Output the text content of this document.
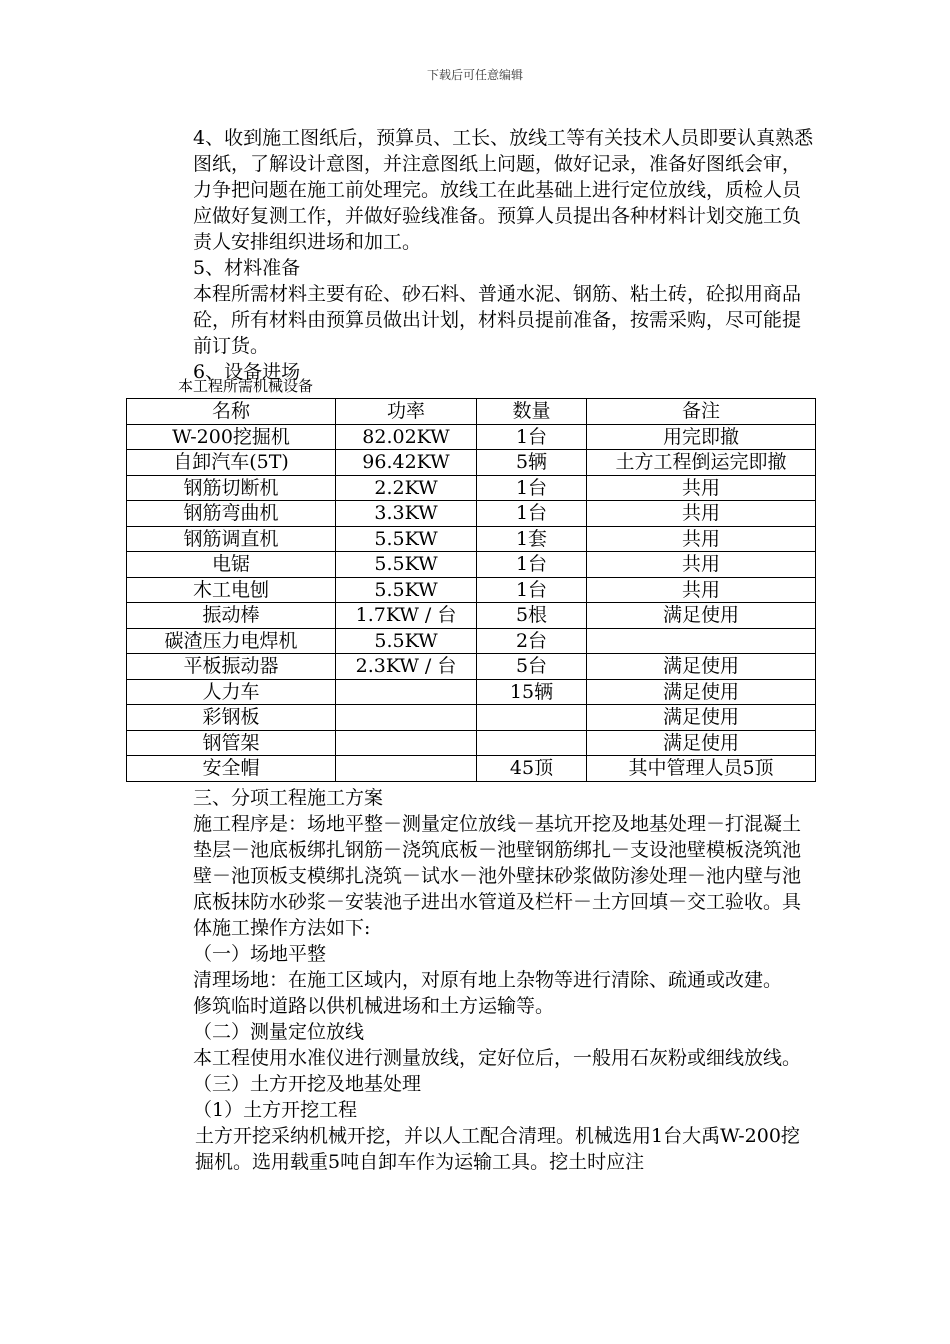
下载后可任意编辑

4、收到施工图纸后，预算员、工长、放线工等有关技术人员即要认真熟悉图纸，了解设计意图，并注意图纸上问题，做好记录，准备好图纸会审，力争把问题在施工前处理完。放线工在此基础上进行定位放线，质检人员应做好复测工作，并做好验线准备。预算人员提出各种材料计划交施工负责人安排组织进场和加工。

5、材料准备

本程所需材料主要有砼、砂石料、普通水泥、钢筋、粘土砖，砼拟用商品砼，所有材料由预算员做出计划，材料员提前准备，按需采购，尽可能提前订货。

6、设备进场

本工程所需机械设备
名称	功率	数量	备注
W-200挖掘机	82.02KW	1台	用完即撤
自卸汽车(5T)	96.42KW	5辆	土方工程倒运完即撤
钢筋切断机	2.2KW	1台	共用
钢筋弯曲机	3.3KW	1台	共用
钢筋调直机	5.5KW	1套	共用
电锯	5.5KW	1台	共用
木工电刨	5.5KW	1台	共用
振动棒	1.7KW / 台	5根	满足使用
碳渣压力电焊机	5.5KW	2台	
平板振动器	2.3KW / 台	5台	满足使用
人力车		15辆	满足使用
彩钢板			满足使用
钢管架			满足使用
安全帽		45顶	其中管理人员5顶

三、分项工程施工方案

施工程序是：场地平整－测量定位放线－基坑开挖及地基处理－打混凝土垫层－池底板绑扎钢筋－浇筑底板－池壁钢筋绑扎－支设池壁模板浇筑池壁－池顶板支模绑扎浇筑－试水－池外壁抹砂浆做防渗处理－池内壁与池底板抹防水砂浆－安装池子进出水管道及栏杆－土方回填－交工验收。具体施工操作方法如下:

（一）场地平整

清理场地：在施工区域内，对原有地上杂物等进行清除、疏通或改建。

修筑临时道路以供机械进场和土方运输等。

（二）测量定位放线

本工程使用水准仪进行测量放线，定好位后，一般用石灰粉或细线放线。

（三）土方开挖及地基处理

（1）土方开挖工程

土方开挖采纳机械开挖，并以人工配合清理。机械选用1台大禹W-200挖掘机。选用载重5吨自卸车作为运输工具。挖土时应注
